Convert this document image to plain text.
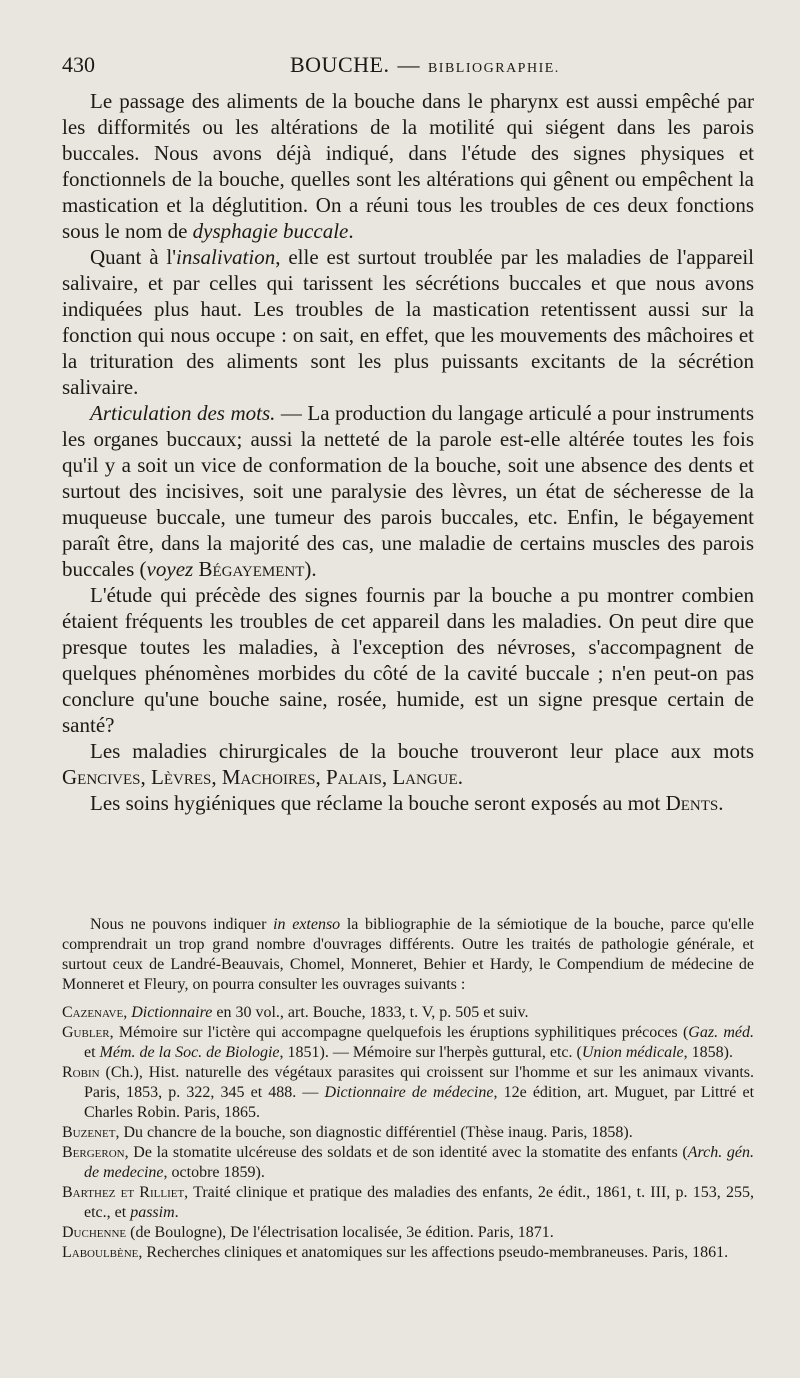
430	BOUCHE. — BIBLIOGRAPHIE.

Le passage des aliments de la bouche dans le pharynx est aussi empêché par les difformités ou les altérations de la motilité qui siégent dans les parois buccales. Nous avons déjà indiqué, dans l'étude des signes physiques et fonctionnels de la bouche, quelles sont les altérations qui gênent ou empêchent la mastication et la déglutition. On a réuni tous les troubles de ces deux fonctions sous le nom de dysphagie buccale.

Quant à l'insalivation, elle est surtout troublée par les maladies de l'appareil salivaire, et par celles qui tarissent les sécrétions buccales et que nous avons indiquées plus haut. Les troubles de la mastication retentissent aussi sur la fonction qui nous occupe : on sait, en effet, que les mouvements des mâchoires et la trituration des aliments sont les plus puissants excitants de la sécrétion salivaire.

Articulation des mots. — La production du langage articulé a pour instruments les organes buccaux; aussi la netteté de la parole est-elle altérée toutes les fois qu'il y a soit un vice de conformation de la bouche, soit une absence des dents et surtout des incisives, soit une paralysie des lèvres, un état de sécheresse de la muqueuse buccale, une tumeur des parois buccales, etc. Enfin, le bégayement paraît être, dans la majorité des cas, une maladie de certains muscles des parois buccales (voyez Bégayement).

L'étude qui précède des signes fournis par la bouche a pu montrer combien étaient fréquents les troubles de cet appareil dans les maladies. On peut dire que presque toutes les maladies, à l'exception des névroses, s'accompagnent de quelques phénomènes morbides du côté de la cavité buccale ; n'en peut-on pas conclure qu'une bouche saine, rosée, humide, est un signe presque certain de santé?

Les maladies chirurgicales de la bouche trouveront leur place aux mots Gencives, Lèvres, Machoires, Palais, Langue.

Les soins hygiéniques que réclame la bouche seront exposés au mot Dents.

Nous ne pouvons indiquer in extenso la bibliographie de la sémiotique de la bouche, parce qu'elle comprendrait un trop grand nombre d'ouvrages différents. Outre les traités de pathologie générale, et surtout ceux de Landré-Beauvais, Chomel, Monneret, Behier et Hardy, le Compendium de médecine de Monneret et Fleury, on pourra consulter les ouvrages suivants :

Cazenave, Dictionnaire en 30 vol., art. Bouche, 1833, t. V, p. 505 et suiv.

Gubler, Mémoire sur l'ictère qui accompagne quelquefois les éruptions syphilitiques précoces (Gaz. méd. et Mém. de la Soc. de Biologie, 1851). — Mémoire sur l'herpès guttural, etc. (Union médicale, 1858).

Robin (Ch.), Hist. naturelle des végétaux parasites qui croissent sur l'homme et sur les animaux vivants. Paris, 1853, p. 322, 345 et 488. — Dictionnaire de médecine, 12e édition, art. Muguet, par Littré et Charles Robin. Paris, 1865.

Buzenet, Du chancre de la bouche, son diagnostic différentiel (Thèse inaug. Paris, 1858).

Bergeron, De la stomatite ulcéreuse des soldats et de son identité avec la stomatite des enfants (Arch. gén. de medecine, octobre 1859).

Barthez et Rilliet, Traité clinique et pratique des maladies des enfants, 2e édit., 1861, t. III, p. 153, 255, etc., et passim.

Duchenne (de Boulogne), De l'électrisation localisée, 3e édition. Paris, 1871.

Laboulbène, Recherches cliniques et anatomiques sur les affections pseudo-membraneuses. Paris, 1861.
